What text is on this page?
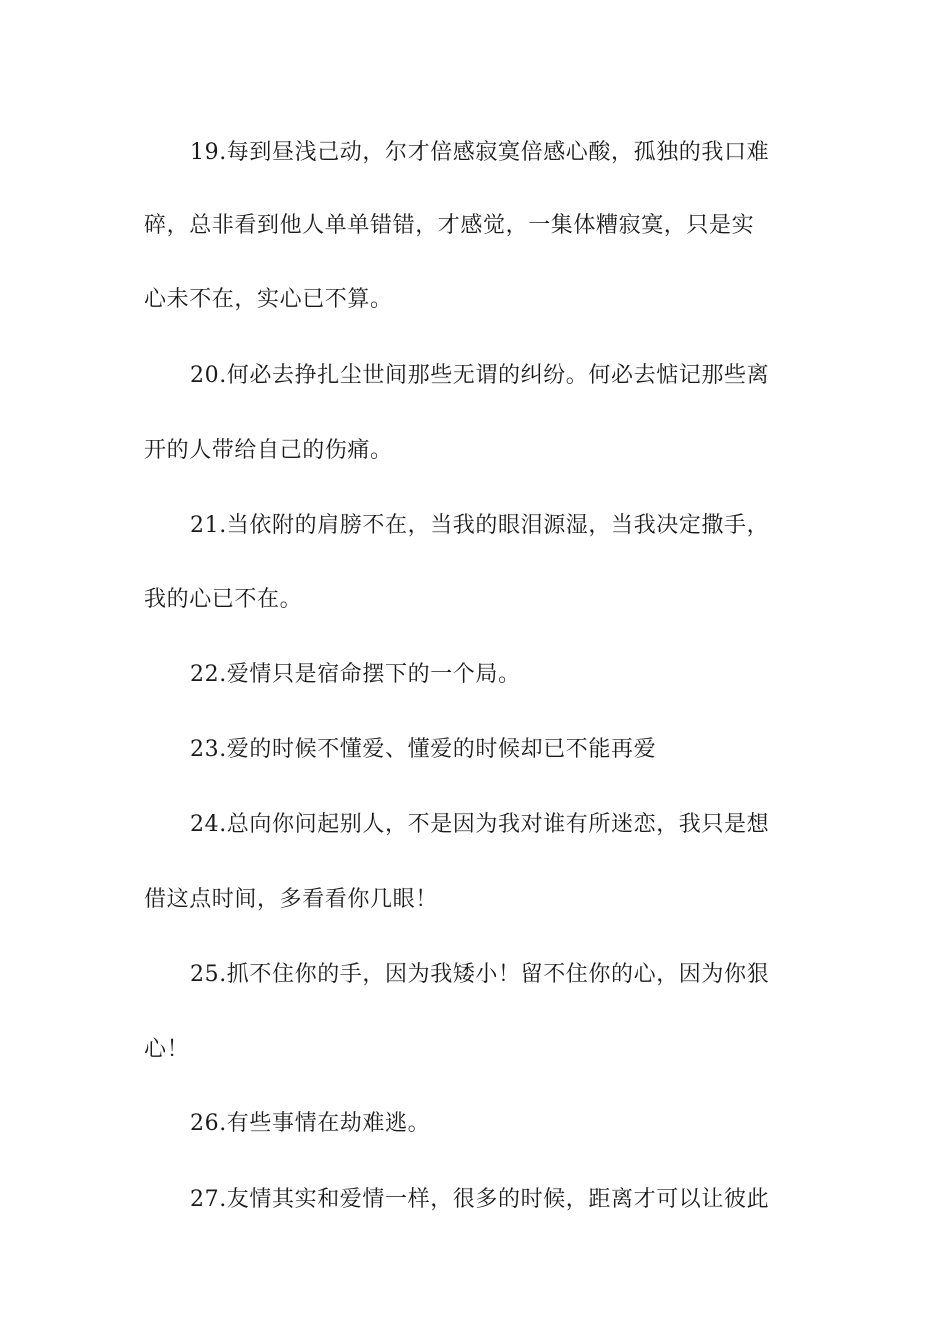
19.每到昼浅己动，尔才倍感寂寞倍感心酸，孤独的我口难
碎，总非看到他人单单错错，才感觉，一集体糟寂寞，只是实
心未不在，实心已不算。
20.何必去挣扎尘世间那些无谓的纠纷。何必去惦记那些离
开的人带给自己的伤痛。
21.当依附的肩膀不在，当我的眼泪源湿，当我决定撒手，
我的心已不在。
22.爱情只是宿命摆下的一个局。
23.爱的时候不懂爱、懂爱的时候却已不能再爱
24.总向你问起别人，不是因为我对谁有所迷恋，我只是想
借这点时间，多看看你几眼！
25.抓不住你的手，因为我矮小！留不住你的心，因为你狠
心！
26.有些事情在劫难逃。
27.友情其实和爱情一样，很多的时候，距离才可以让彼此
